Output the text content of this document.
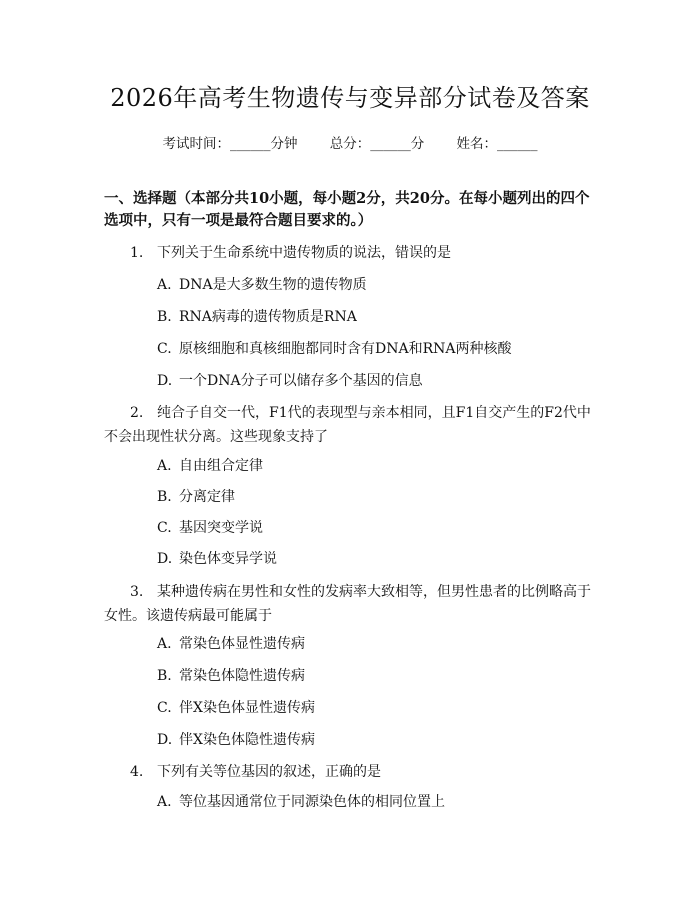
2026年高考生物遗传与变异部分试卷及答案
考试时间：______分钟 总分：______分 姓名：______
一、选择题（本部分共10小题，每小题2分，共20分。在每小题列出的四个选项中，只有一项是最符合题目要求的。）
1. 下列关于生命系统中遗传物质的说法，错误的是
A. DNA是大多数生物的遗传物质
B. RNA病毒的遗传物质是RNA
C. 原核细胞和真核细胞都同时含有DNA和RNA两种核酸
D. 一个DNA分子可以储存多个基因的信息
2. 纯合子自交一代，F1代的表现型与亲本相同，且F1自交产生的F2代中不会出现性状分离。这些现象支持了
A. 自由组合定律
B. 分离定律
C. 基因突变学说
D. 染色体变异学说
3. 某种遗传病在男性和女性的发病率大致相等，但男性患者的比例略高于女性。该遗传病最可能属于
A. 常染色体显性遗传病
B. 常染色体隐性遗传病
C. 伴X染色体显性遗传病
D. 伴X染色体隐性遗传病
4. 下列有关等位基因的叙述，正确的是
A. 等位基因通常位于同源染色体的相同位置上
